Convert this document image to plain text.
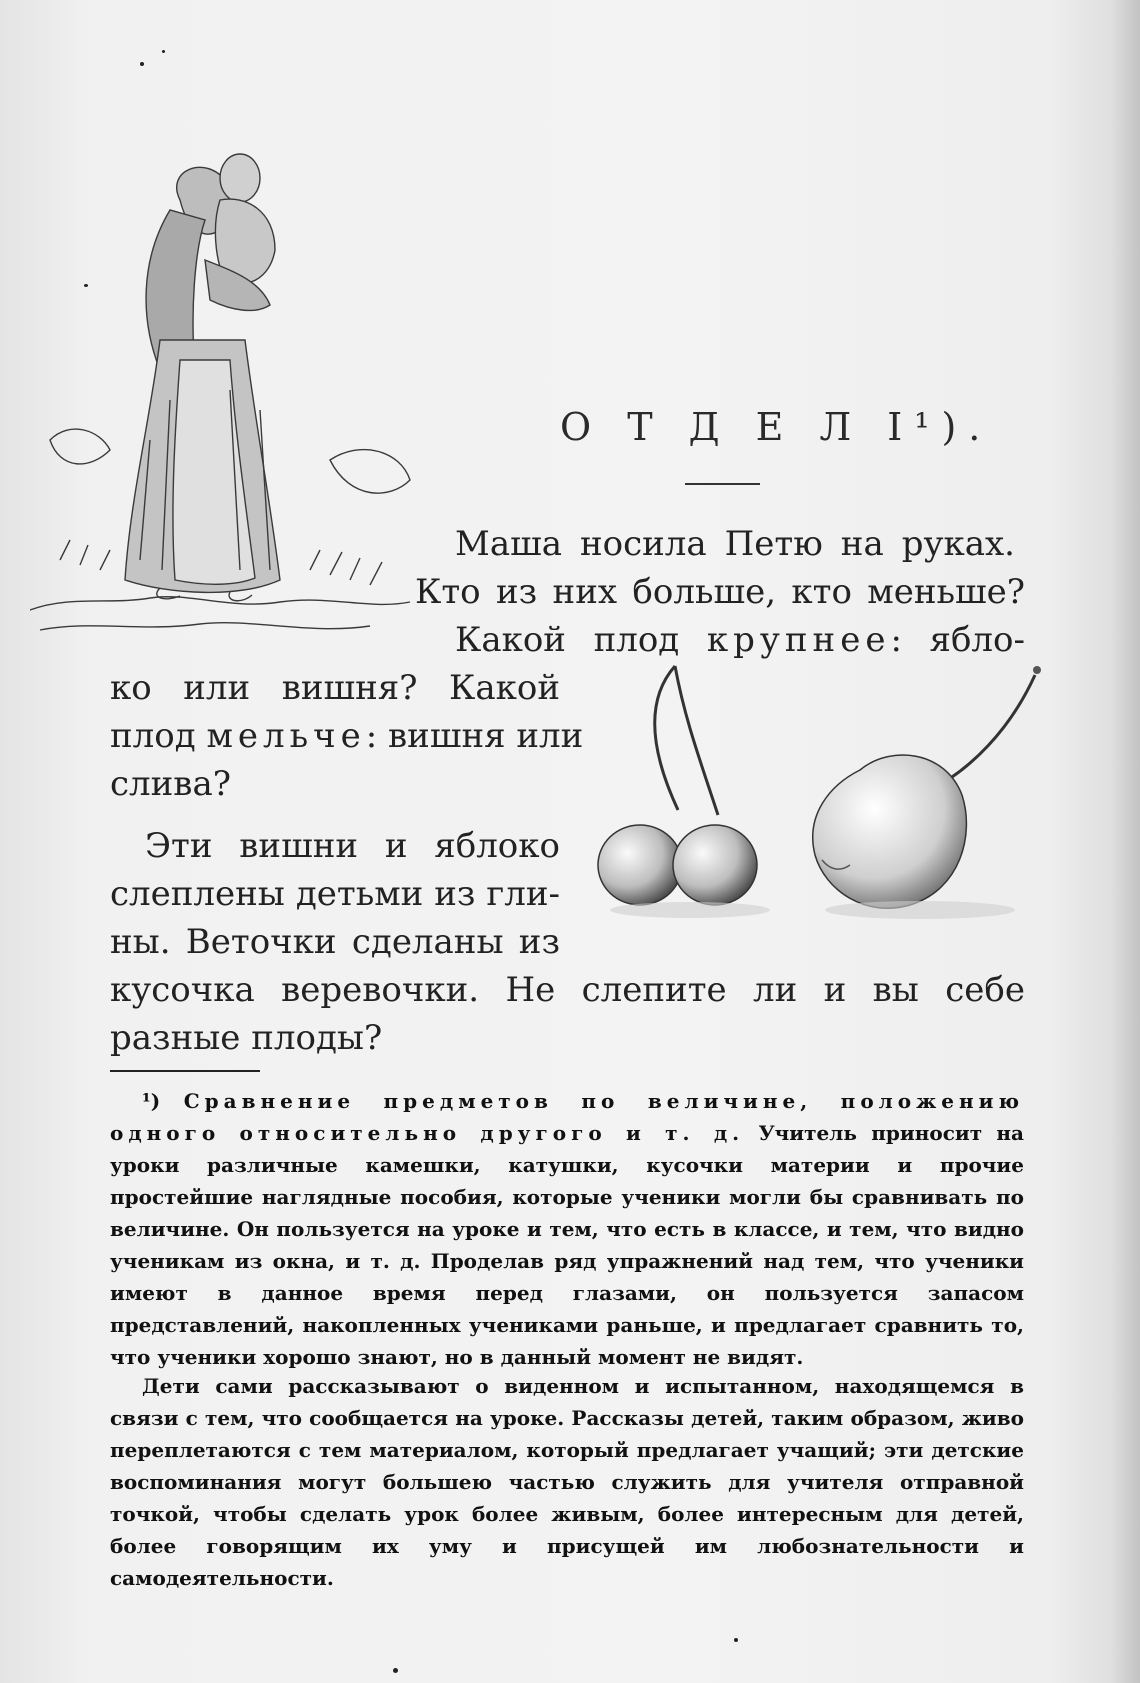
О Т Д Е Л I¹).
Маша носила Петю на руках.
Кто из них больше, кто меньше?
Какой плод крупнее: ябло-
ко или вишня? Какой
плод мельче: вишня или
слива?
Эти вишни и яблоко
слеплены детьми из гли-
ны. Веточки сделаны из
кусочка веревочки. Не слепите ли и вы себе
разные плоды?
¹) Сравнение предметов по величине, положению одного относительно другого и т. д. Учитель приносит на уроки различные камешки, катушки, кусочки материи и прочие простейшие наглядные пособия, которые ученики могли бы сравнивать по величине. Он пользуется на уроке и тем, что есть в классе, и тем, что видно ученикам из окна, и т. д. Проделав ряд упражнений над тем, что ученики имеют в данное время перед глазами, он пользуется запасом представлений, накопленных учениками раньше, и предлагает сравнить то, что ученики хорошо знают, но в данный момент не видят.
Дети сами рассказывают о виденном и испытанном, находящемся в связи с тем, что сообщается на уроке. Рассказы детей, таким образом, живо переплетаются с тем материалом, который предлагает учащий; эти детские воспоминания могут большею частью служить для учителя отправной точкой, чтобы сделать урок более живым, более интересным для детей, более говорящим их уму и присущей им любознательности и самодеятельности.
